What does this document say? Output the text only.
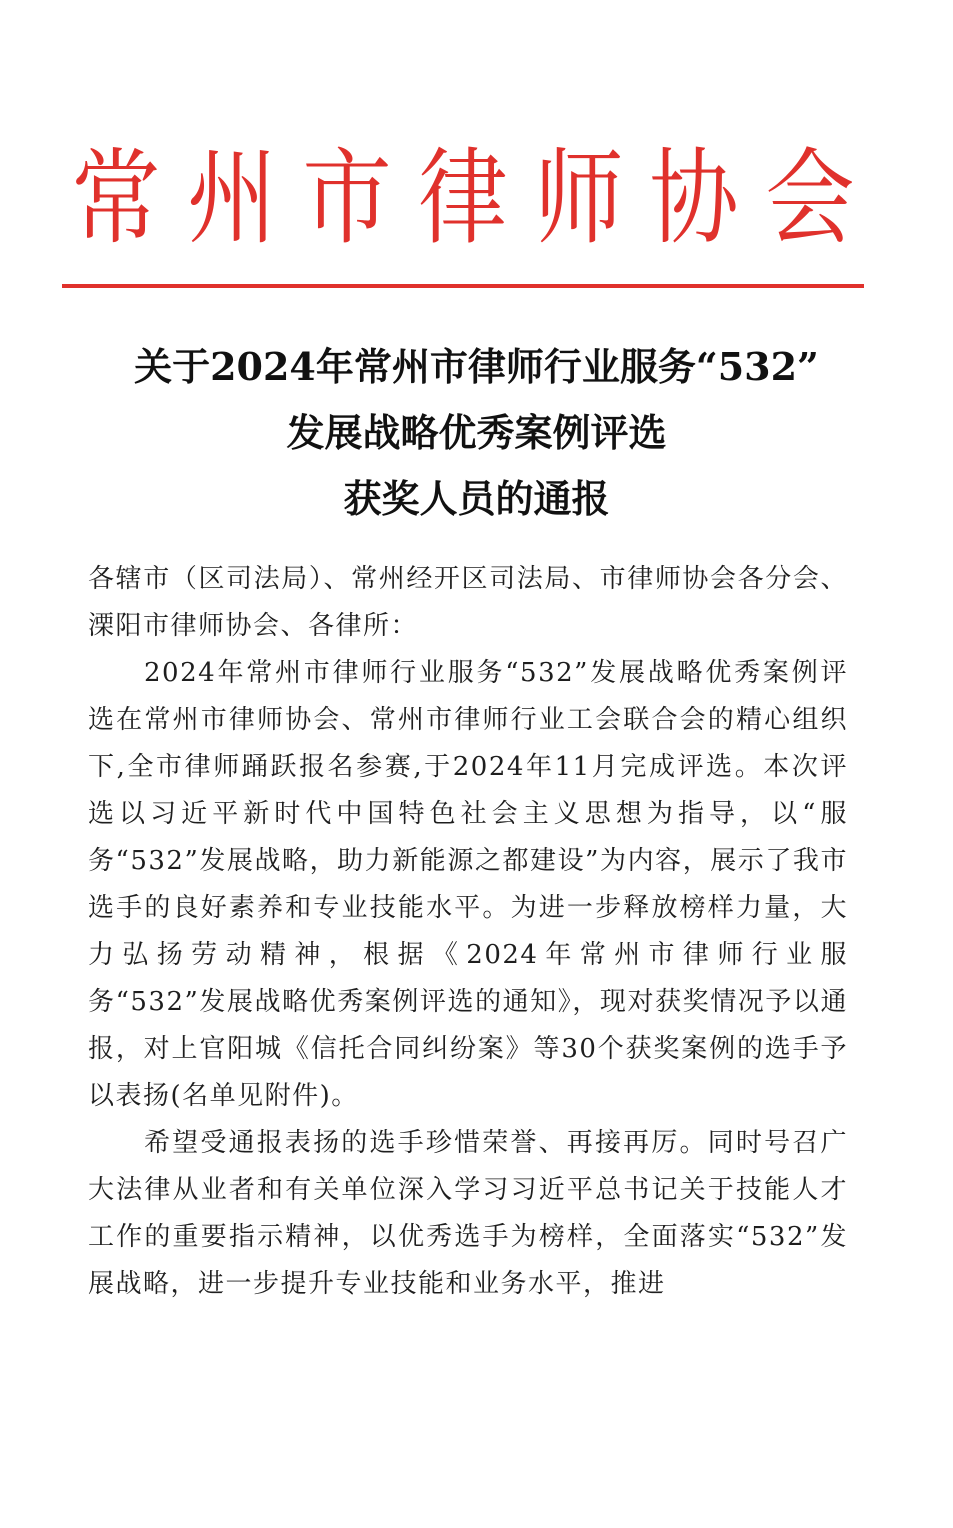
常 州 市 律 师 协 会
关于2024年常州市律师行业服务“532”
发展战略优秀案例评选
获奖人员的通报

各辖市（区司法局）、常州经开区司法局、市律师协会各分会、溧阳市律师协会、各律所：

2024年常州市律师行业服务“532”发展战略优秀案例评选在常州市律师协会、常州市律师行业工会联合会的精心组织下,全市律师踊跃报名参赛,于2024年11月完成评选。本次评选以习近平新时代中国特色社会主义思想为指导，以“服务“532”发展战略，助力新能源之都建设”为内容，展示了我市选手的良好素养和专业技能水平。为进一步释放榜样力量，大力弘扬劳动精神，根据《2024年常州市律师行业服务“532”发展战略优秀案例评选的通知》，现对获奖情况予以通报，对上官阳城《信托合同纠纷案》等30个获奖案例的选手予以表扬(名单见附件)。

希望受通报表扬的选手珍惜荣誉、再接再厉。同时号召广大法律从业者和有关单位深入学习习近平总书记关于技能人才工作的重要指示精神，以优秀选手为榜样，全面落实“532”发展战略，进一步提升专业技能和业务水平，推进
